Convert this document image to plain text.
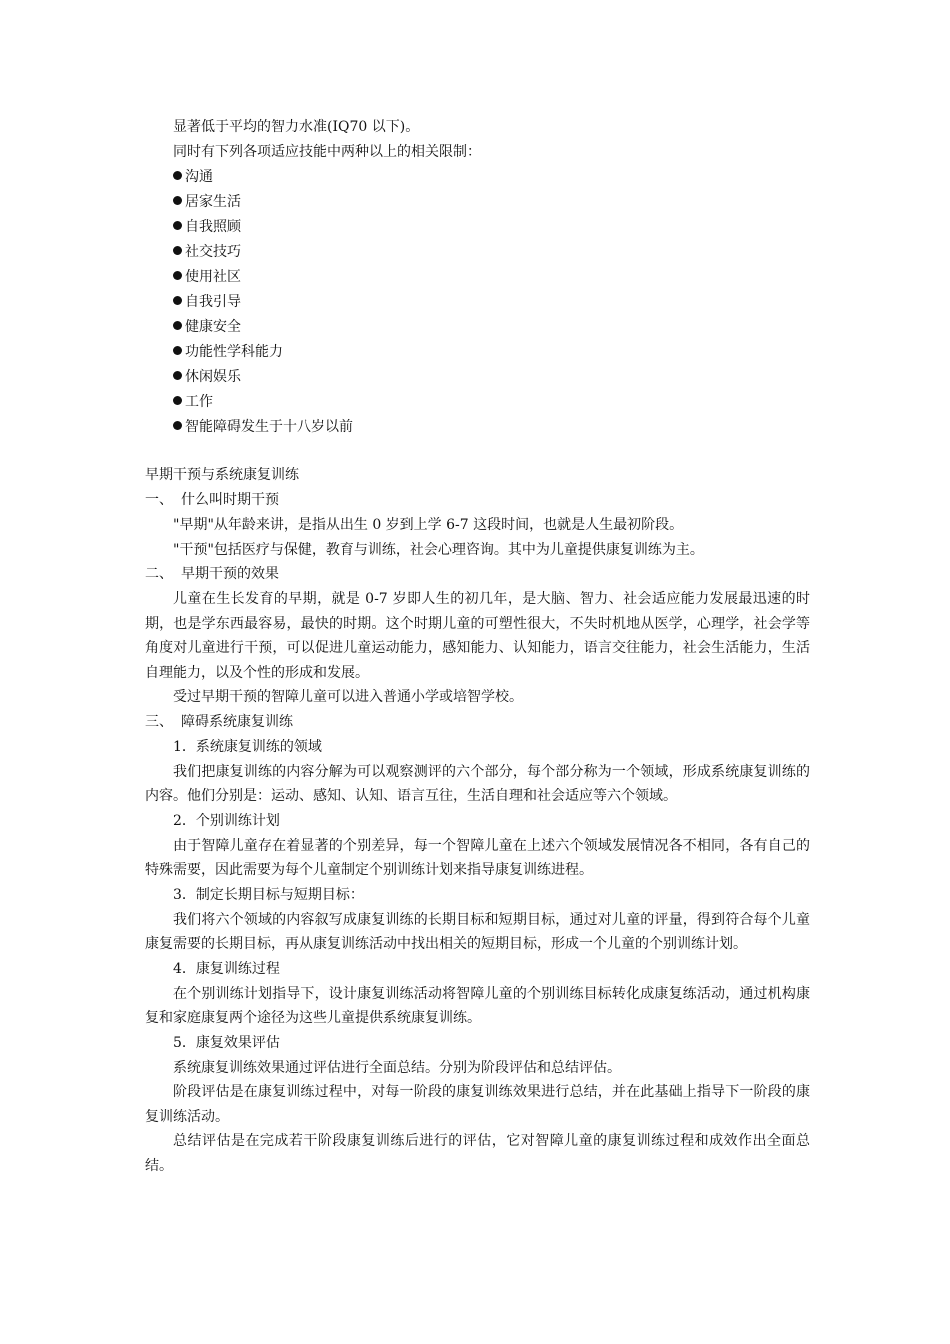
显著低于平均的智力水准(IQ70 以下)。
同时有下列各项适应技能中两种以上的相关限制：
沟通
居家生活
自我照顾
社交技巧
使用社区
自我引导
健康安全
功能性学科能力
休闲娱乐
工作
智能障碍发生于十八岁以前
早期干预与系统康复训练
一、 什么叫时期干预

"早期"从年龄来讲，是指从出生 0 岁到上学 6-7 这段时间，也就是人生最初阶段。

"干预"包括医疗与保健，教育与训练，社会心理咨询。其中为儿童提供康复训练为主。

二、 早期干预的效果

儿童在生长发育的早期，就是 0-7 岁即人生的初几年，是大脑、智力、社会适应能力发展最迅速的时期，也是学东西最容易，最快的时期。这个时期儿童的可塑性很大，不失时机地从医学，心理学，社会学等角度对儿童进行干预，可以促进儿童运动能力，感知能力、认知能力，语言交往能力，社会生活能力，生活自理能力，以及个性的形成和发展。

受过早期干预的智障儿童可以进入普通小学或培智学校。

三、 障碍系统康复训练
1．系统康复训练的领域

我们把康复训练的内容分解为可以观察测评的六个部分，每个部分称为一个领域，形成系统康复训练的内容。他们分别是：运动、感知、认知、语言互往，生活自理和社会适应等六个领域。

2．个别训练计划

由于智障儿童存在着显著的个别差异，每一个智障儿童在上述六个领域发展情况各不相同，各有自己的特殊需要，因此需要为每个儿童制定个别训练计划来指导康复训练进程。

3．制定长期目标与短期目标：

我们将六个领域的内容叙写成康复训练的长期目标和短期目标，通过对儿童的评量，得到符合每个儿童康复需要的长期目标，再从康复训练活动中找出相关的短期目标，形成一个儿童的个别训练计划。

4．康复训练过程

在个别训练计划指导下，设计康复训练活动将智障儿童的个别训练目标转化成康复练活动，通过机构康复和家庭康复两个途径为这些儿童提供系统康复训练。

5．康复效果评估

系统康复训练效果通过评估进行全面总结。分别为阶段评估和总结评估。

阶段评估是在康复训练过程中，对每一阶段的康复训练效果进行总结，并在此基础上指导下一阶段的康复训练活动。

总结评估是在完成若干阶段康复训练后进行的评估，它对智障儿童的康复训练过程和成效作出全面总结。
